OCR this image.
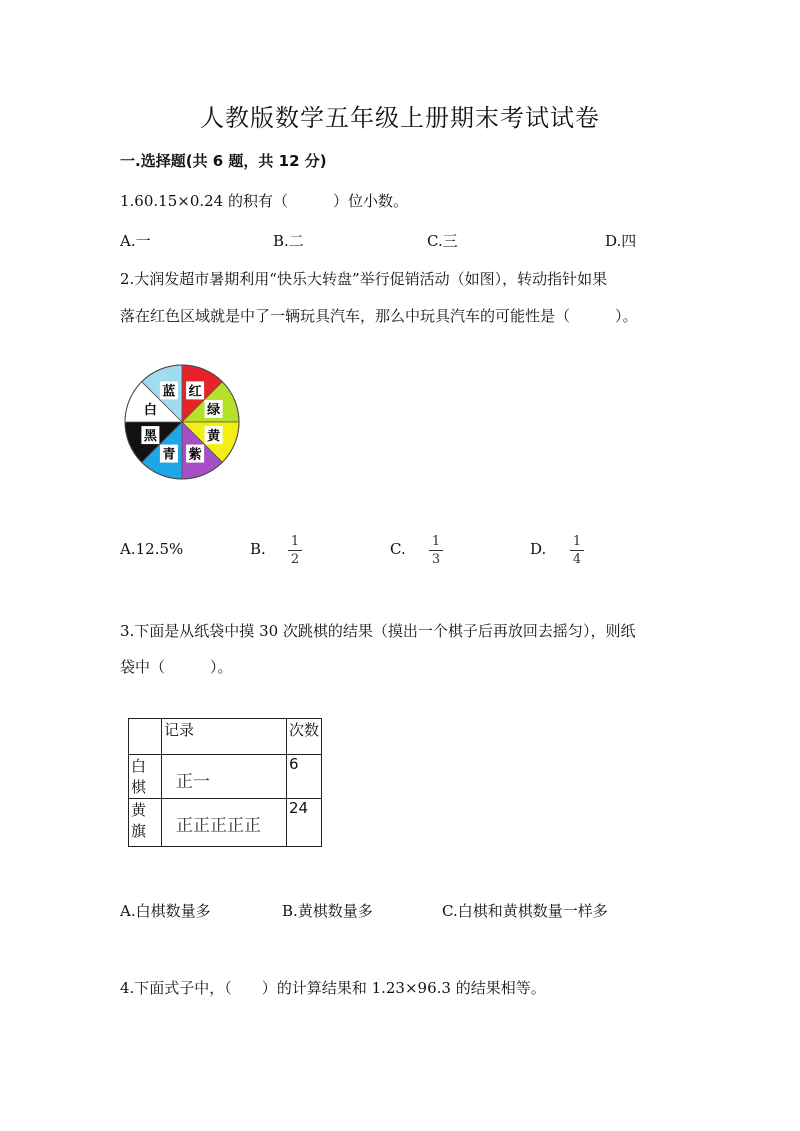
人教版数学五年级上册期末考试试卷
一.选择题(共 6 题，共 12 分)
1.60.15×0.24 的积有（　　　）位小数。
A.一	B.二	C.三	D.四
2.大润发超市暑期利用“快乐大转盘”举行促销活动（如图），转动指针如果
落在红色区域就是中了一辆玩具汽车，那么中玩具汽车的可能性是（　　　）。
红
绿
黄
紫
青
黑
白
蓝
A.12.5%	B. 1
2
C. 1
3
D. 1
4
3.下面是从纸袋中摸 30 次跳棋的结果（摸出一个棋子后再放回去摇匀），则纸
袋中（　　　）。
	记录	次数
白棋	正一	6
黄旗	正正正正正	24
A.白棋数量多	B.黄棋数量多	C.白棋和黄棋数量一样多
4.下面式子中，（　　）的计算结果和 1.23×96.3 的结果相等。
